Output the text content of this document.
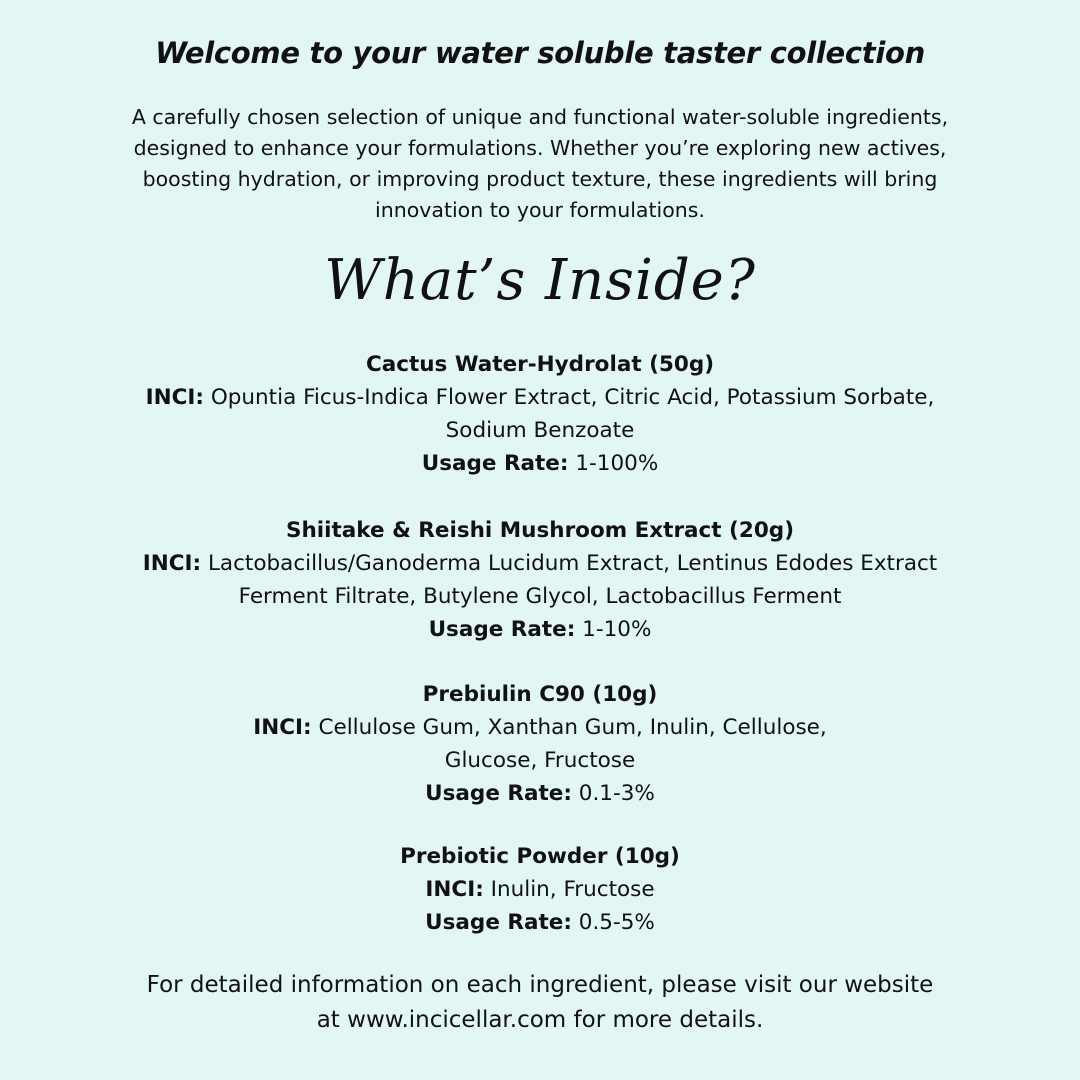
Welcome to your water soluble taster collection
A carefully chosen selection of unique and functional water-soluble ingredients, designed to enhance your formulations. Whether you’re exploring new actives, boosting hydration, or improving product texture, these ingredients will bring innovation to your formulations.
What’s Inside?
Cactus Water-Hydrolat (50g)
INCI: Opuntia Ficus-Indica Flower Extract, Citric Acid, Potassium Sorbate, Sodium Benzoate
Usage Rate: 1-100%
Shiitake & Reishi Mushroom Extract (20g)
INCI: Lactobacillus/Ganoderma Lucidum Extract, Lentinus Edodes Extract Ferment Filtrate, Butylene Glycol, Lactobacillus Ferment
Usage Rate: 1-10%
Prebiulin C90 (10g)
INCI: Cellulose Gum, Xanthan Gum, Inulin, Cellulose, Glucose, Fructose
Usage Rate: 0.1-3%
Prebiotic Powder (10g)
INCI: Inulin, Fructose
Usage Rate: 0.5-5%
For detailed information on each ingredient, please visit our website at www.incicellar.com for more details.
